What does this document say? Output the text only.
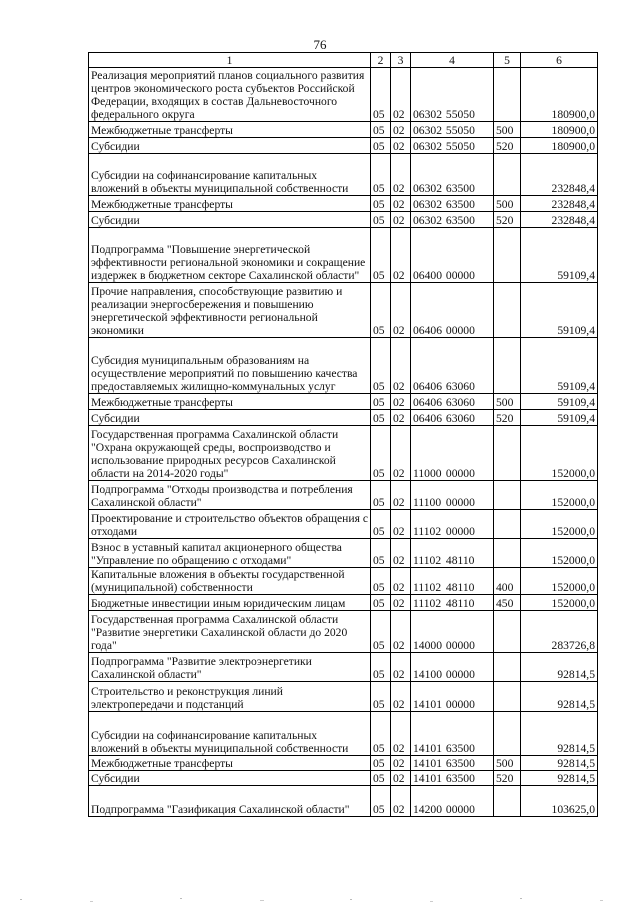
76
1	2	3	4	5	6
Реализация мероприятий планов социального развития центров экономического роста субъектов Российской Федерации, входящих в состав Дальневосточного федерального округа	05	02	06302 55050		180900,0
Межбюджетные трансферты	05	02	06302 55050	500	180900,0
Субсидии	05	02	06302 55050	520	180900,0
Субсидии на софинансирование капитальных вложений в объекты муниципальной собственности	05	02	06302 63500		232848,4
Межбюджетные трансферты	05	02	06302 63500	500	232848,4
Субсидии	05	02	06302 63500	520	232848,4
Подпрограмма "Повышение энергетической эффективности региональной экономики и сокращение издержек в бюджетном секторе Сахалинской области"	05	02	06400 00000		59109,4
Прочие направления, способствующие развитию и реализации энергосбережения и повышению энергетической эффективности региональной экономики	05	02	06406 00000		59109,4
Субсидия муниципальным образованиям на осуществление мероприятий по повышению качества предоставляемых жилищно-коммунальных услуг	05	02	06406 63060		59109,4
Межбюджетные трансферты	05	02	06406 63060	500	59109,4
Субсидии	05	02	06406 63060	520	59109,4
Государственная программа Сахалинской области "Охрана окружающей среды, воспроизводство и использование природных ресурсов Сахалинской области на 2014-2020 годы"	05	02	11000 00000		152000,0
Подпрограмма "Отходы производства и потребления Сахалинской области"	05	02	11100 00000		152000,0
Проектирование и строительство объектов обращения с отходами	05	02	11102 00000		152000,0
Взнос в уставный капитал акционерного общества "Управление по обращению с отходами"	05	02	11102 48110		152000,0
Капитальные вложения в объекты государственной (муниципальной) собственности	05	02	11102 48110	400	152000,0
Бюджетные инвестиции иным юридическим лицам	05	02	11102 48110	450	152000,0
Государственная программа Сахалинской области "Развитие энергетики Сахалинской области до 2020 года"	05	02	14000 00000		283726,8
Подпрограмма "Развитие электроэнергетики Сахалинской области"	05	02	14100 00000		92814,5
Строительство и реконструкция линий электропередачи и подстанций	05	02	14101 00000		92814,5
Субсидии на софинансирование капитальных вложений в объекты муниципальной собственности	05	02	14101 63500		92814,5
Межбюджетные трансферты	05	02	14101 63500	500	92814,5
Субсидии	05	02	14101 63500	520	92814,5
Подпрограмма "Газификация Сахалинской области"	05	02	14200 00000		103625,0
